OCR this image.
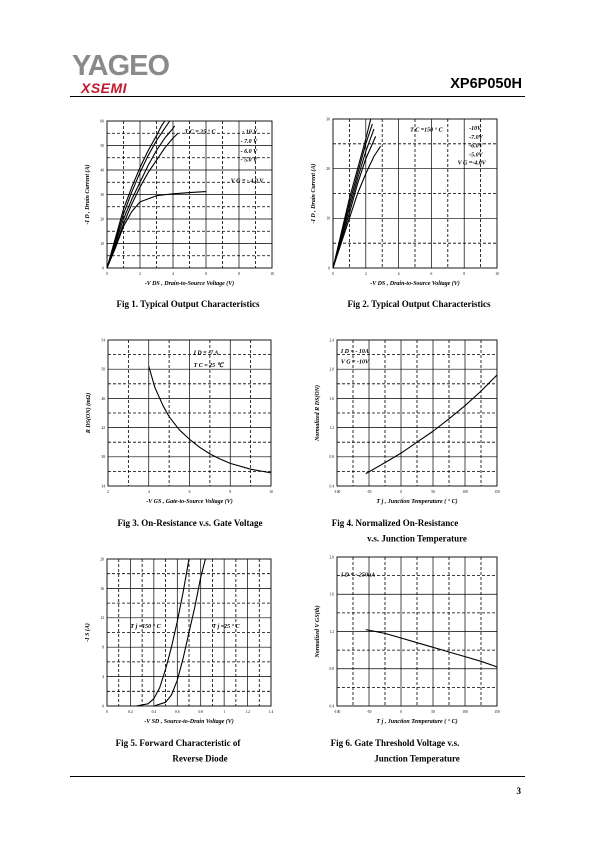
YAGEO
XSEMI	XP6P050H
3
0	2	4	6	8	10
0
10
20
30
40
50
60
-V DS , Drain-to-Source Voltage (V)
-I D , Drain Current (A)
T C = 25 ° C	- 10 V
- 7.0 V
- 6.0 V
- 5.0 V
V G = - 4.0 V
Fig 1. Typical Output Characteristics
0	2	4	6	8	10
0
10
20
30
-V DS , Drain-to-Source Voltage (V)
-I D , Drain Current (A)
T C =150 ° C	-10V
-7.0V
-6.0V
-5.0V
V G =-4.0V
Fig 2. Typical Output Characteristics
2	4	6	8	10
34
38
42
46
50
54
-V GS , Gate-to-Source Voltage (V)
R DS(ON) (mΩ)
I D = -7 A
T C = 25 ℃
Fig 3. On-Resistance v.s. Gate Voltage
-100	-50	0	50	100	150
0.4
0.8
1.2
1.6
2.0
2.4
T j , Junction Temperature ( ° C)
Normalized R DS(ON)
I D = - 10A
V G = -10V
Fig 4. Normalized On-Resistance
v.s. Junction Temperature
0	0.2	0.4	0.6	0.8	1	1.2	1.4
0
4
8
12
16
20
-V SD , Source-to-Drain Voltage (V)
-I S (A)	T j =150 ° C	T j =25 ° C
Fig 5. Forward Characteristic of
Reverse Diode
-100	-50	0	50	100	150
0.4
0.8
1.2
1.6
2.0
T j , Junction Temperature ( ° C)
Normalized V GS(th)
I D = - 250uA
Fig 6. Gate Threshold Voltage v.s.
Junction Temperature
